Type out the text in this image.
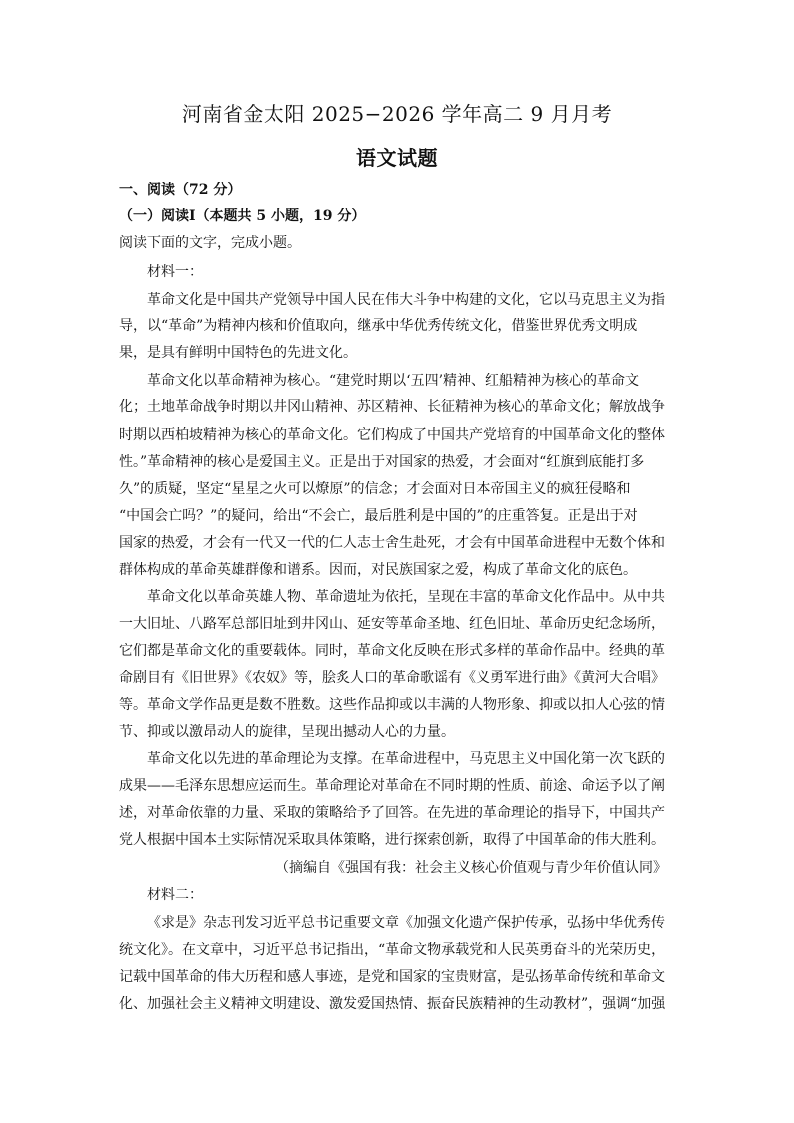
河南省金太阳 2025−2026 学年高二 9 月月考
语文试题
一、阅读（72 分）
（一）阅读Ⅰ（本题共 5 小题，19 分）
阅读下面的文字，完成小题。
材料一：
革命文化是中国共产党领导中国人民在伟大斗争中构建的文化，它以马克思主义为指
导，以“革命”为精神内核和价值取向，继承中华优秀传统文化，借鉴世界优秀文明成
果，是具有鲜明中国特色的先进文化。
革命文化以革命精神为核心。“建党时期以‘五四’精神、红船精神为核心的革命文
化；土地革命战争时期以井冈山精神、苏区精神、长征精神为核心的革命文化；解放战争
时期以西柏坡精神为核心的革命文化。它们构成了中国共产党培育的中国革命文化的整体
性。”革命精神的核心是爱国主义。正是出于对国家的热爱，才会面对“红旗到底能打多
久”的质疑，坚定“星星之火可以燎原”的信念；才会面对日本帝国主义的疯狂侵略和
“中国会亡吗？”的疑问，给出“不会亡，最后胜利是中国的”的庄重答复。正是出于对
国家的热爱，才会有一代又一代的仁人志士舍生赴死，才会有中国革命进程中无数个体和
群体构成的革命英雄群像和谱系。因而，对民族国家之爱，构成了革命文化的底色。
革命文化以革命英雄人物、革命遗址为依托，呈现在丰富的革命文化作品中。从中共
一大旧址、八路军总部旧址到井冈山、延安等革命圣地、红色旧址、革命历史纪念场所，
它们都是革命文化的重要载体。同时，革命文化反映在形式多样的革命作品中。经典的革
命剧目有《旧世界》《农奴》等，脍炙人口的革命歌谣有《义勇军进行曲》《黄河大合唱》
等。革命文学作品更是数不胜数。这些作品抑或以丰满的人物形象、抑或以扣人心弦的情
节、抑或以激昂动人的旋律，呈现出撼动人心的力量。
革命文化以先进的革命理论为支撑。在革命进程中，马克思主义中国化第一次飞跃的
成果——毛泽东思想应运而生。革命理论对革命在不同时期的性质、前途、命运予以了阐
述，对革命依靠的力量、采取的策略给予了回答。在先进的革命理论的指导下，中国共产
党人根据中国本土实际情况采取具体策略，进行探索创新，取得了中国革命的伟大胜利。
（摘编自《强国有我：社会主义核心价值观与青少年价值认同》
材料二：
《求是》杂志刊发习近平总书记重要文章《加强文化遗产保护传承，弘扬中华优秀传
统文化》。在文章中，习近平总书记指出，“革命文物承载党和人民英勇奋斗的光荣历史，
记载中国革命的伟大历程和感人事迹，是党和国家的宝贵财富，是弘扬革命传统和革命文
化、加强社会主义精神文明建设、激发爱国热情、振奋民族精神的生动教材”，强调“加强
